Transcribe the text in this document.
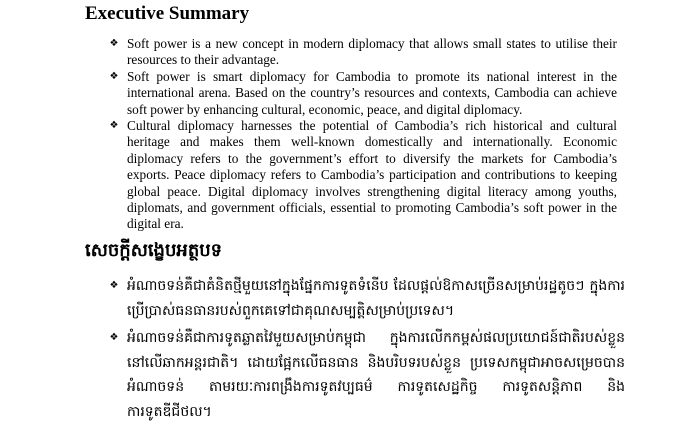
Executive Summary
❖ Soft power is a new concept in modern diplomacy that allows small states to utilise their resources to their advantage.
❖ Soft power is smart diplomacy for Cambodia to promote its national interest in the international arena. Based on the country’s resources and contexts, Cambodia can achieve soft power by enhancing cultural, economic, peace, and digital diplomacy.
❖ Cultural diplomacy harnesses the potential of Cambodia’s rich historical and cultural heritage and makes them well-known domestically and internationally. Economic diplomacy refers to the government’s effort to diversify the markets for Cambodia’s exports. Peace diplomacy refers to Cambodia’s participation and contributions to keeping global peace. Digital diplomacy involves strengthening digital literacy among youths, diplomats, and government officials, essential to promoting Cambodia’s soft power in the digital era.
សេចក្តីសង្ខេបអត្ថបទ
❖ អំណាចទន់គឺជាគំនិតថ្មីមួយនៅក្នុងផ្នែកការទូតទំនើប ដែលផ្តល់ឱកាសច្រើនសម្រាប់រដ្ឋតូចៗ ក្នុងការប្រើប្រាស់ធនធានរបស់ពួកគេទៅជាគុណសម្បត្តិសម្រាប់ប្រទេស។
❖ អំណាចទន់គឺជាការទូតឆ្លាតវៃមួយសម្រាប់កម្ពុជា ក្នុងការលើកកម្ពស់ផលប្រយោជន៍ជាតិរបស់ខ្លួននៅលើឆាកអន្តរជាតិ។ ដោយផ្អែកលើធនធាន និងបរិបទរបស់ខ្លួន ប្រទេសកម្ពុជាអាចសម្រេចបានអំណាចទន់ តាមរយៈការពង្រឹងការទូតវប្បធម៌ ការទូតសេដ្ឋកិច្ច ការទូតសន្តិភាព និងការទូតឌីជីថល។
